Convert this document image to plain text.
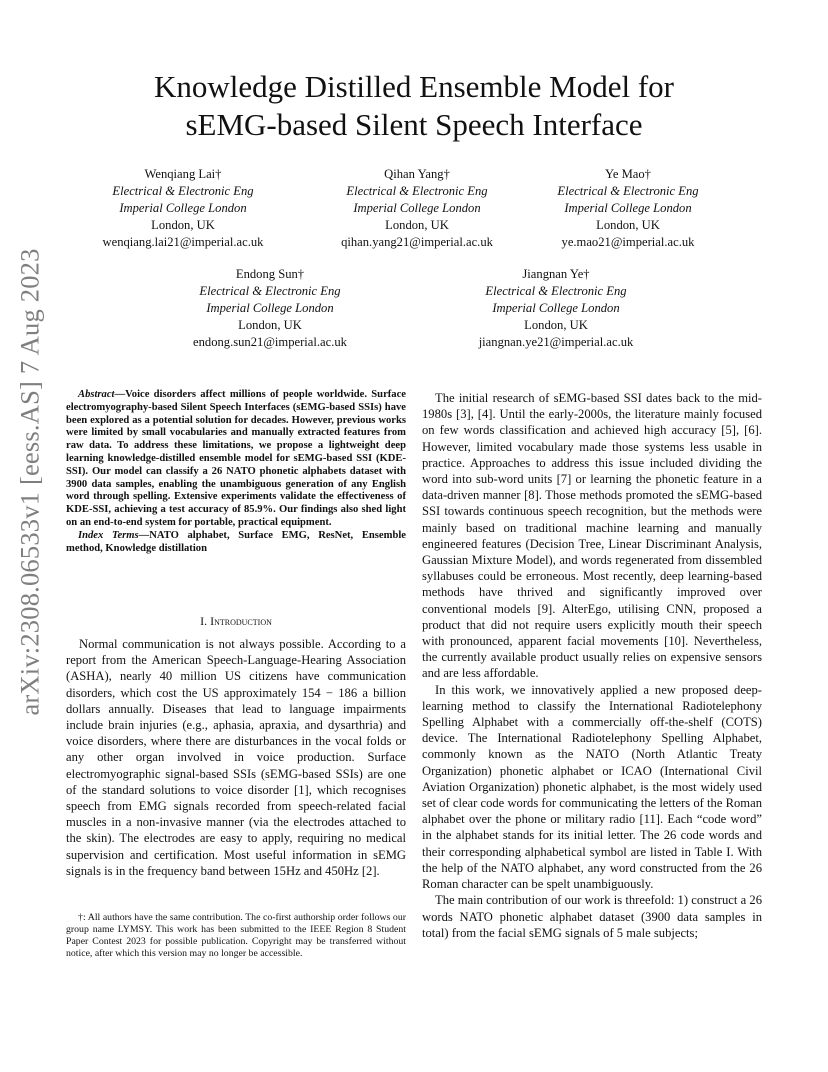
arXiv:2308.06533v1 [eess.AS] 7 Aug 2023
Knowledge Distilled Ensemble Model for
sEMG-based Silent Speech Interface
Wenqiang Lai†
Electrical & Electronic Eng
Imperial College London
London, UK
wenqiang.lai21@imperial.ac.uk
Qihan Yang†
Electrical & Electronic Eng
Imperial College London
London, UK
qihan.yang21@imperial.ac.uk
Ye Mao†
Electrical & Electronic Eng
Imperial College London
London, UK
ye.mao21@imperial.ac.uk
Endong Sun†
Electrical & Electronic Eng
Imperial College London
London, UK
endong.sun21@imperial.ac.uk
Jiangnan Ye†
Electrical & Electronic Eng
Imperial College London
London, UK
jiangnan.ye21@imperial.ac.uk

Abstract—Voice disorders affect millions of people worldwide. Surface electromyography-based Silent Speech Interfaces (sEMG-based SSIs) have been explored as a potential solution for decades. However, previous works were limited by small vocabularies and manually extracted features from raw data. To address these limitations, we propose a lightweight deep learning knowledge-distilled ensemble model for sEMG-based SSI (KDE-SSI). Our model can classify a 26 NATO phonetic alphabets dataset with 3900 data samples, enabling the unambiguous generation of any English word through spelling. Extensive experiments validate the effectiveness of KDE-SSI, achieving a test accuracy of 85.9%. Our findings also shed light on an end-to-end system for portable, practical equipment.

Index Terms—NATO alphabet, Surface EMG, ResNet, Ensemble method, Knowledge distillation

I. Introduction

Normal communication is not always possible. According to a report from the American Speech-Language-Hearing Association (ASHA), nearly 40 million US citizens have communication disorders, which cost the US approximately 154 − 186 a billion dollars annually. Diseases that lead to language impairments include brain injuries (e.g., aphasia, apraxia, and dysarthria) and voice disorders, where there are disturbances in the vocal folds or any other organ involved in voice production. Surface electromyographic signal-based SSIs (sEMG-based SSIs) are one of the standard solutions to voice disorder [1], which recognises speech from EMG signals recorded from speech-related facial muscles in a non-invasive manner (via the electrodes attached to the skin). The electrodes are easy to apply, requiring no medical supervision and certification. Most useful information in sEMG signals is in the frequency band between 15Hz and 450Hz [2].

†: All authors have the same contribution. The co-first authorship order follows our group name LYMSY. This work has been submitted to the IEEE Region 8 Student Paper Contest 2023 for possible publication. Copyright may be transferred without notice, after which this version may no longer be accessible.

The initial research of sEMG-based SSI dates back to the mid-1980s [3], [4]. Until the early-2000s, the literature mainly focused on few words classification and achieved high accuracy [5], [6]. However, limited vocabulary made those systems less usable in practice. Approaches to address this issue included dividing the word into sub-word units [7] or learning the phonetic feature in a data-driven manner [8]. Those methods promoted the sEMG-based SSI towards continuous speech recognition, but the methods were mainly based on traditional machine learning and manually engineered features (Decision Tree, Linear Discriminant Analysis, Gaussian Mixture Model), and words regenerated from dissembled syllabuses could be erroneous. Most recently, deep learning-based methods have thrived and significantly improved over conventional models [9]. AlterEgo, utilising CNN, proposed a product that did not require users explicitly mouth their speech with pronounced, apparent facial movements [10]. Nevertheless, the currently available product usually relies on expensive sensors and are less affordable.

In this work, we innovatively applied a new proposed deep-learning method to classify the International Radiotelephony Spelling Alphabet with a commercially off-the-shelf (COTS) device. The International Radiotelephony Spelling Alphabet, commonly known as the NATO (North Atlantic Treaty Organization) phonetic alphabet or ICAO (International Civil Aviation Organization) phonetic alphabet, is the most widely used set of clear code words for communicating the letters of the Roman alphabet over the phone or military radio [11]. Each “code word” in the alphabet stands for its initial letter. The 26 code words and their corresponding alphabetical symbol are listed in Table I. With the help of the NATO alphabet, any word constructed from the 26 Roman character can be spelt unambiguously.

The main contribution of our work is threefold: 1) construct a 26 words NATO phonetic alphabet dataset (3900 data samples in total) from the facial sEMG signals of 5 male subjects;
